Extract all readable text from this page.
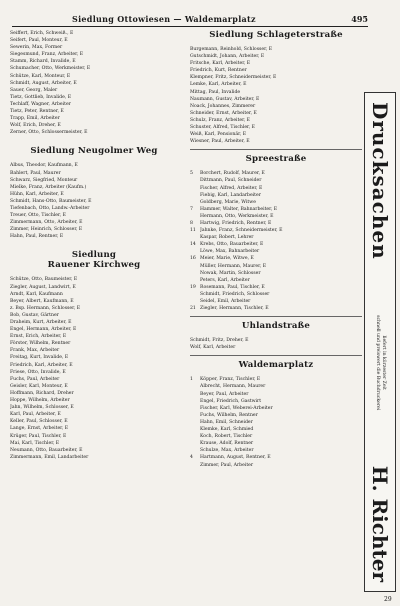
Siedlung Ottowiesen — Waldemarplatz	495
Seiffert, Erich, Schweiß., E
Seifert, Paul, Monteur, E
Sewerin, Max, Former
Siegesmund, Franz, Arbeiter, E
Stamm, Richard, Invalide, E
Schumacher, Otto, Werkmeister, E
Schütze, Karl, Monteur, E
Schmidt, August, Arbeiter, E
Sauer, Georg, Maler
Tietz, Gottlieb, Invalide, E
Techlaff, Wagner, Arbeiter
Tietz, Peter, Rentner, E
Trapp, Emil, Arbeiter
Wolf, Erich, Dreher, E
Zerner, Otto, Schlossermeister, E
Siedlung Neugolmer Weg
Albus, Theodor, Kaufmann, E
Bahlert, Paul, Maurer
Schwarz, Siegfried, Monteur
Mielke, Franz, Arbeiter (Kaufm.)
Hühn, Karl, Arbeiter, E
Schmidt, Hans-Otto, Baumeister, E
Tiefenbach, Otto, Landw.-Arbeiter
Treuer, Otto, Tischler, E
Zimmermann, Otto, Arbeiter, E
Zimmer, Heinrich, Schlosser, E
Hahn, Paul, Rentner, E
Siedlung
Rauener Kirchweg
Schütze, Otto, Baumeister, E
Ziegler, August, Landwirt, E
Arndt, Karl, Kaufmann
Beyer, Albert, Kaufmann, E
z. Bsp. Hermann, Schlosser, E
Bob, Gustav, Gärtner
Draheim, Kurt, Arbeiter, E
Engel, Hermann, Arbeiter, E
Ernst, Erich, Arbeiter, E
Förster, Wilhelm, Rentner
Frank, Max, Arbeiter
Freitag, Kurt, Invalide, E
Friedrich, Karl, Arbeiter, E
Friese, Otto, Invalide, E
Fuchs, Paul, Arbeiter
Geisler, Karl, Monteur, E
Hoffmann, Richard, Dreher
Hoppe, Wilhelm, Arbeiter
Jahn, Wilhelm, Schlosser, E
Karl, Paul, Arbeiter, E
Keller, Paul, Schlosser, E
Lange, Ernst, Arbeiter, E
Krüger, Paul, Tischler, E
Mai, Karl, Tischler, E
Neumann, Otto, Bauarbeiter, E
Zimmermann, Emil, Landarbeiter
Siedlung Schlageterstraße
Burgemann, Reinhold, Schlosser, E
Gutschmidt, Johann, Arbeiter, E
Fritsche, Karl, Arbeiter, E
Friedrich, Kurt, Rentner
Klempner, Fritz, Schneidermeister, E
Lemke, Karl, Arbeiter, E
Mittag, Paul, Invalide
Naumann, Gustav, Arbeiter, E
Noack, Johannes, Zimmerer
Schneider, Ernst, Arbeiter, E
Schulz, Franz, Arbeiter, E
Schuster, Alfred, Tischler, E
Weiß, Karl, Pensionär, E
Wiesner, Paul, Arbeiter, E
Spreestraße
5	Borchert, Rudolf, Maurer, E
Dittmann, Paul, Schneider
Fischer, Alfred, Arbeiter, E
Fiebig, Karl, Landarbeiter
Goldberg, Marie, Witwe
7	Hammer, Walter, Bahnarbeiter, E
Hermann, Otto, Werkmeister, E
8	Hartwig, Friedrich, Rentner, E
11 Jahnke, Franz, Schneidermeister, E
Kaspar, Robert, Lehrer
14 Krebs, Otto, Bauarbeiter, E
Löwe, Max, Bahnarbeiter
16 Meier, Marie, Witwe, E
Müller, Hermann, Maurer, E
Nowak, Martin, Schlosser
Peters, Karl, Arbeiter
19 Rosemann, Paul, Tischler, E
Schmidt, Friedrich, Schlosser
Seidel, Emil, Arbeiter
21 Ziegler, Hermann, Tischler, E
Uhlandstraße
Schmidt, Fritz, Dreher, E
Wolf, Karl, Arbeiter
Waldemarplatz
1	Köpper, Franz, Tischler, E
Albrecht, Hermann, Maurer
Beyer, Paul, Arbeiter
Engel, Friedrich, Gastwirt
Fischer, Karl, Weberei-Arbeiter
Fuchs, Wilhelm, Rentner
Hahn, Emil, Schneider
Klemke, Karl, Schmied
Koch, Robert, Tischler
Krause, Adolf, Rentner
Schulze, Max, Arbeiter
4	Hartmann, August, Rentner, E
Zimmer, Paul, Arbeiter
Drucksachen
liefert in kürzester Zeit
schnell und preiswert die Buchdruckerei
H. Richter
29
